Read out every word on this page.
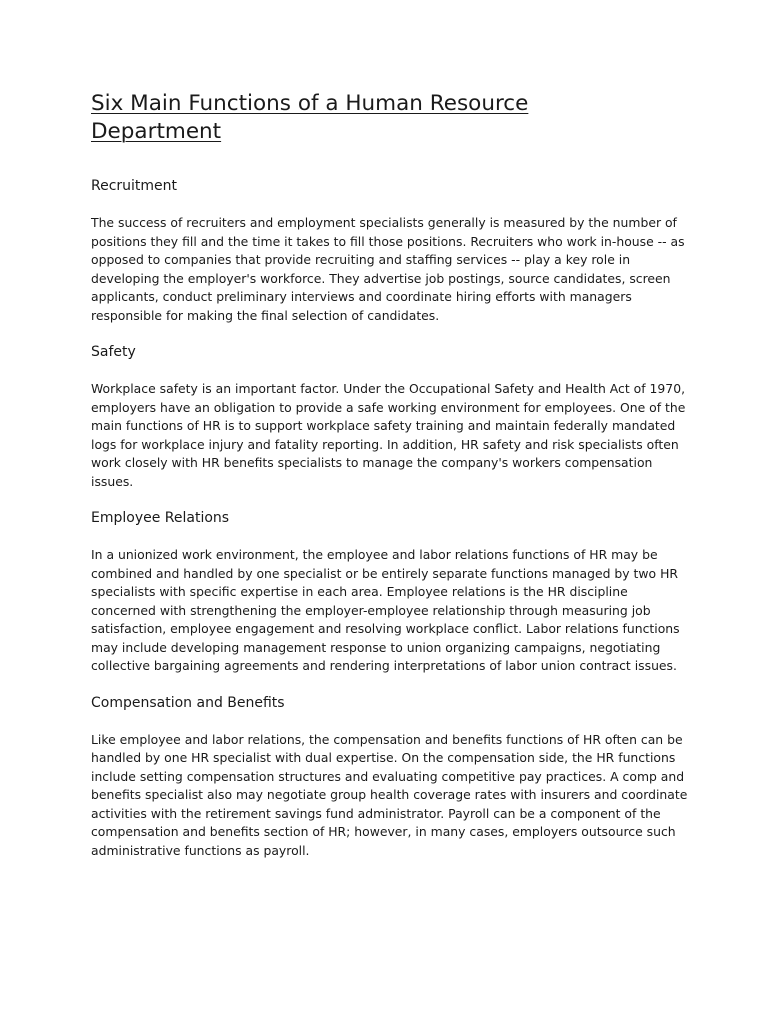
Six Main Functions of a Human Resource Department
Recruitment

The success of recruiters and employment specialists generally is measured by the number of positions they fill and the time it takes to fill those positions. Recruiters who work in-house -- as opposed to companies that provide recruiting and staffing services -- play a key role in developing the employer's workforce. They advertise job postings, source candidates, screen applicants, conduct preliminary interviews and coordinate hiring efforts with managers responsible for making the final selection of candidates.

Safety

Workplace safety is an important factor. Under the Occupational Safety and Health Act of 1970, employers have an obligation to provide a safe working environment for employees. One of the main functions of HR is to support workplace safety training and maintain federally mandated logs for workplace injury and fatality reporting. In addition, HR safety and risk specialists often work closely with HR benefits specialists to manage the company's workers compensation issues.

Employee Relations

In a unionized work environment, the employee and labor relations functions of HR may be combined and handled by one specialist or be entirely separate functions managed by two HR specialists with specific expertise in each area. Employee relations is the HR discipline concerned with strengthening the employer-employee relationship through measuring job satisfaction, employee engagement and resolving workplace conflict. Labor relations functions may include developing management response to union organizing campaigns, negotiating collective bargaining agreements and rendering interpretations of labor union contract issues.

Compensation and Benefits

Like employee and labor relations, the compensation and benefits functions of HR often can be handled by one HR specialist with dual expertise. On the compensation side, the HR functions include setting compensation structures and evaluating competitive pay practices. A comp and benefits specialist also may negotiate group health coverage rates with insurers and coordinate activities with the retirement savings fund administrator. Payroll can be a component of the compensation and benefits section of HR; however, in many cases, employers outsource such administrative functions as payroll.
